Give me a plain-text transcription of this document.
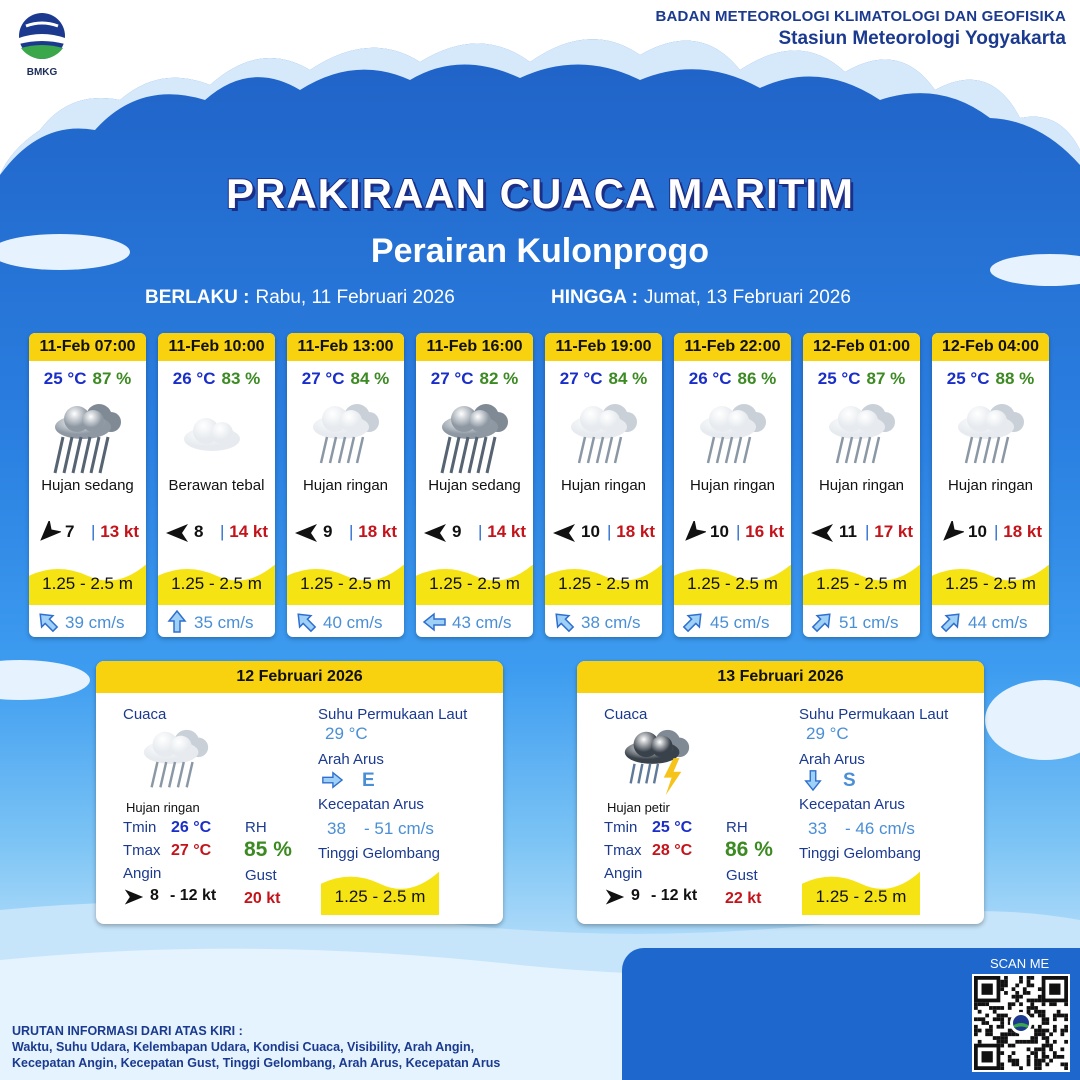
BMKG
BADAN METEOROLOGI KLIMATOLOGI DAN GEOFISIKA
Stasiun Meteorologi Yogyakarta
PRAKIRAAN CUACA MARITIM
Perairan Kulonprogo
BERLAKU : Rabu, 11 Februari 2026	HINGGA : Jumat, 13 Februari 2026
11-Feb 07:00
25 °C 87 %
Hujan sedang
7 | 13 kt
1.25 - 2.5 m
39 cm/s
11-Feb 10:00
26 °C 83 %
Berawan tebal
8 | 14 kt
1.25 - 2.5 m
35 cm/s
11-Feb 13:00
27 °C 84 %
Hujan ringan
9 | 18 kt
1.25 - 2.5 m
40 cm/s
11-Feb 16:00
27 °C 82 %
Hujan sedang
9 | 14 kt
1.25 - 2.5 m
43 cm/s
11-Feb 19:00
27 °C 84 %
Hujan ringan
10 | 18 kt
1.25 - 2.5 m
38 cm/s
11-Feb 22:00
26 °C 86 %
Hujan ringan
10 | 16 kt
1.25 - 2.5 m
45 cm/s
12-Feb 01:00
25 °C 87 %
Hujan ringan
11 | 17 kt
1.25 - 2.5 m
51 cm/s
12-Feb 04:00
25 °C 88 %
Hujan ringan
10 | 18 kt
1.25 - 2.5 m
44 cm/s
12 Februari 2026
Cuaca
Hujan ringan
Tmin 26 °C
Tmax 27 °C
Angin
8 - 12 kt
RH
85 %
Gust
20 kt
Suhu Permukaan Laut
29 °C
Arah Arus
E
Kecepatan Arus
38 - 51 cm/s
Tinggi Gelombang
1.25 - 2.5 m
13 Februari 2026
Cuaca
Hujan petir
Tmin 25 °C
Tmax 28 °C
Angin
9 - 12 kt
RH
86 %
Gust
22 kt
Suhu Permukaan Laut
29 °C
Arah Arus
S
Kecepatan Arus
33 - 46 cm/s
Tinggi Gelombang
1.25 - 2.5 m
SCAN ME
URUTAN INFORMASI DARI ATAS KIRI :
Waktu, Suhu Udara, Kelembapan Udara, Kondisi Cuaca, Visibility, Arah Angin,
Kecepatan Angin, Kecepatan Gust, Tinggi Gelombang, Arah Arus, Kecepatan Arus
